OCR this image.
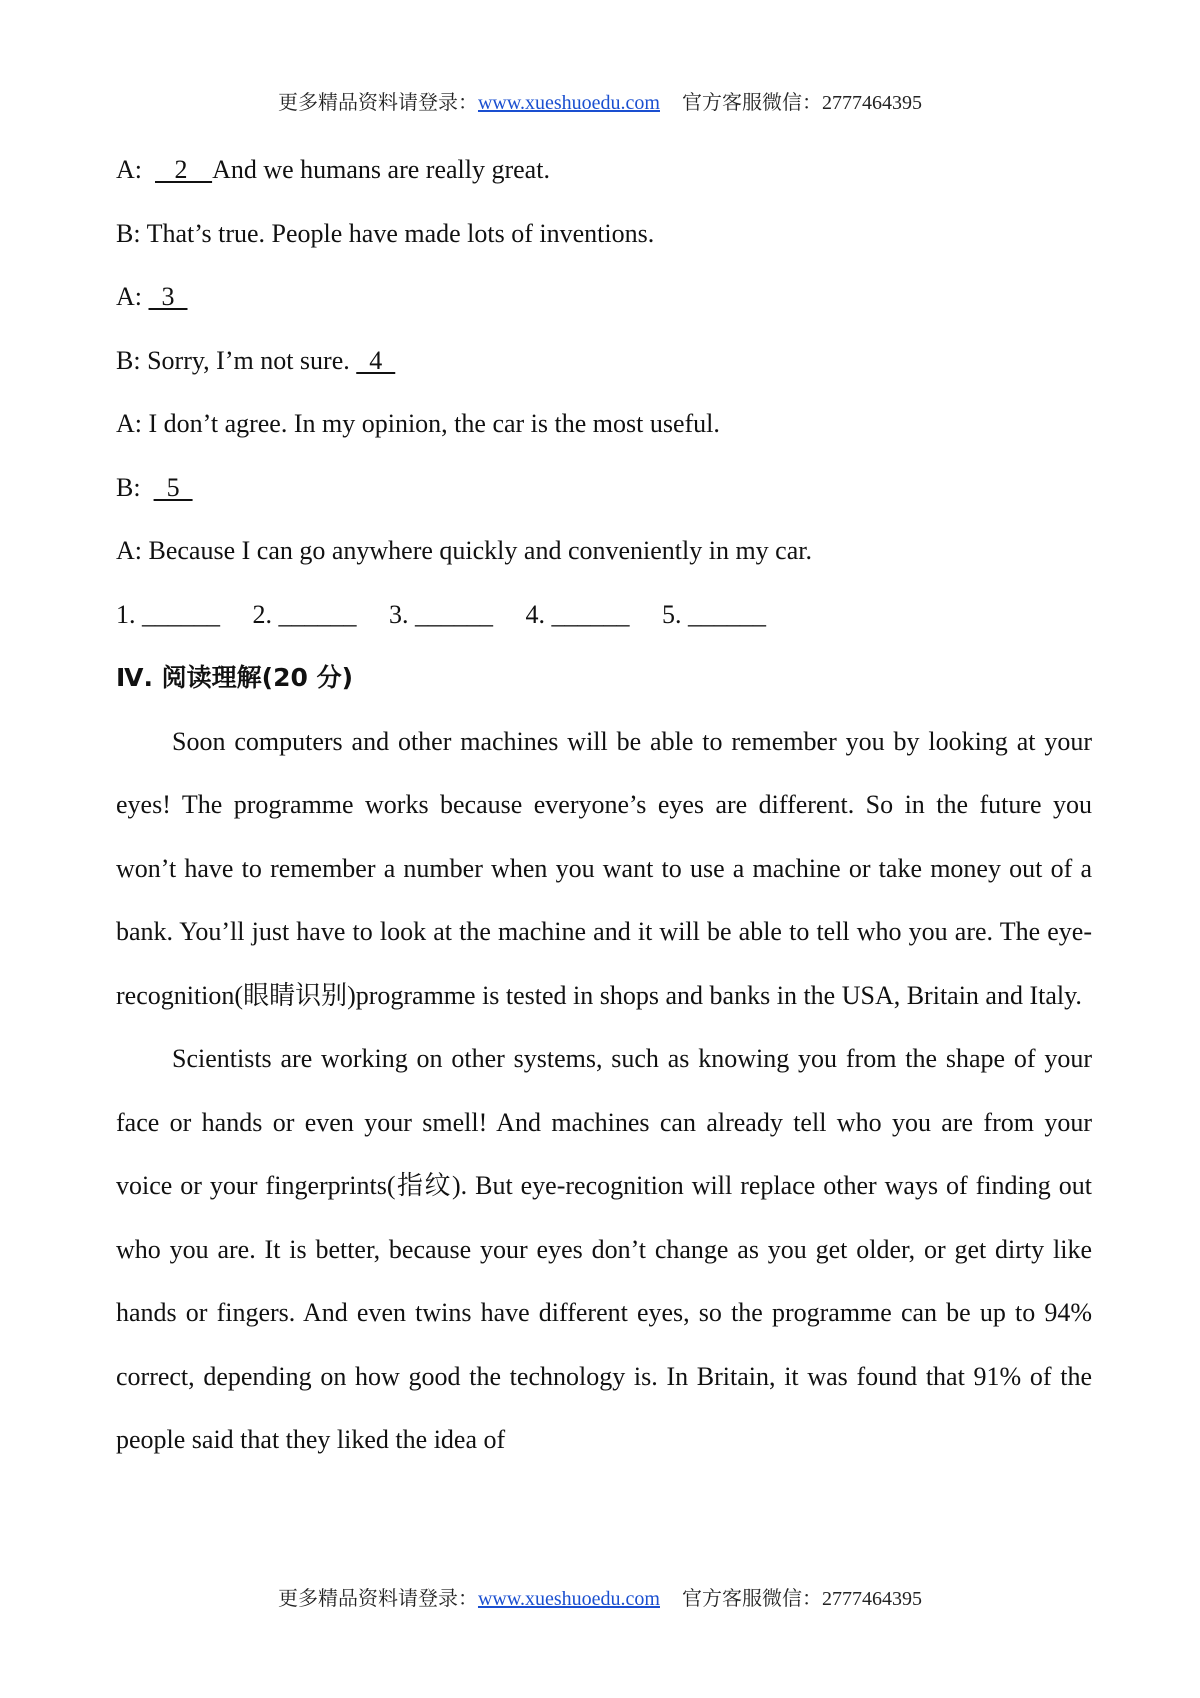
更多精品资料请登录：www.xueshuoedu.com 官方客服微信：2777464395
A:     2    And we humans are really great.
B: That’s true. People have made lots of inventions.
A:   3
B: Sorry, I’m not sure.   4
A: I don’t agree. In my opinion, the car is the most useful.
B:    5
A: Because I can go anywhere quickly and conveniently in my car.
1. ______ 2. ______ 3. ______ 4. ______ 5. ______
Ⅳ. 阅读理解(20 分)

Soon computers and other machines will be able to remember you by looking at your eyes! The programme works because everyone’s eyes are different. So in the future you won’t have to remember a number when you want to use a machine or take money out of a bank. You’ll just have to look at the machine and it will be able to tell who you are. The eye-recognition(眼睛识别)programme is tested in shops and banks in the USA, Britain and Italy.

Scientists are working on other systems, such as knowing you from the shape of your face or hands or even your smell! And machines can already tell who you are from your voice or your fingerprints(指纹). But eye-recognition will replace other ways of finding out who you are. It is better, because your eyes don’t change as you get older, or get dirty like hands or fingers. And even twins have different eyes, so the programme can be up to 94% correct, depending on how good the technology is. In Britain, it was found that 91% of the people said that they liked the idea of

更多精品资料请登录：www.xueshuoedu.com 官方客服微信：2777464395
